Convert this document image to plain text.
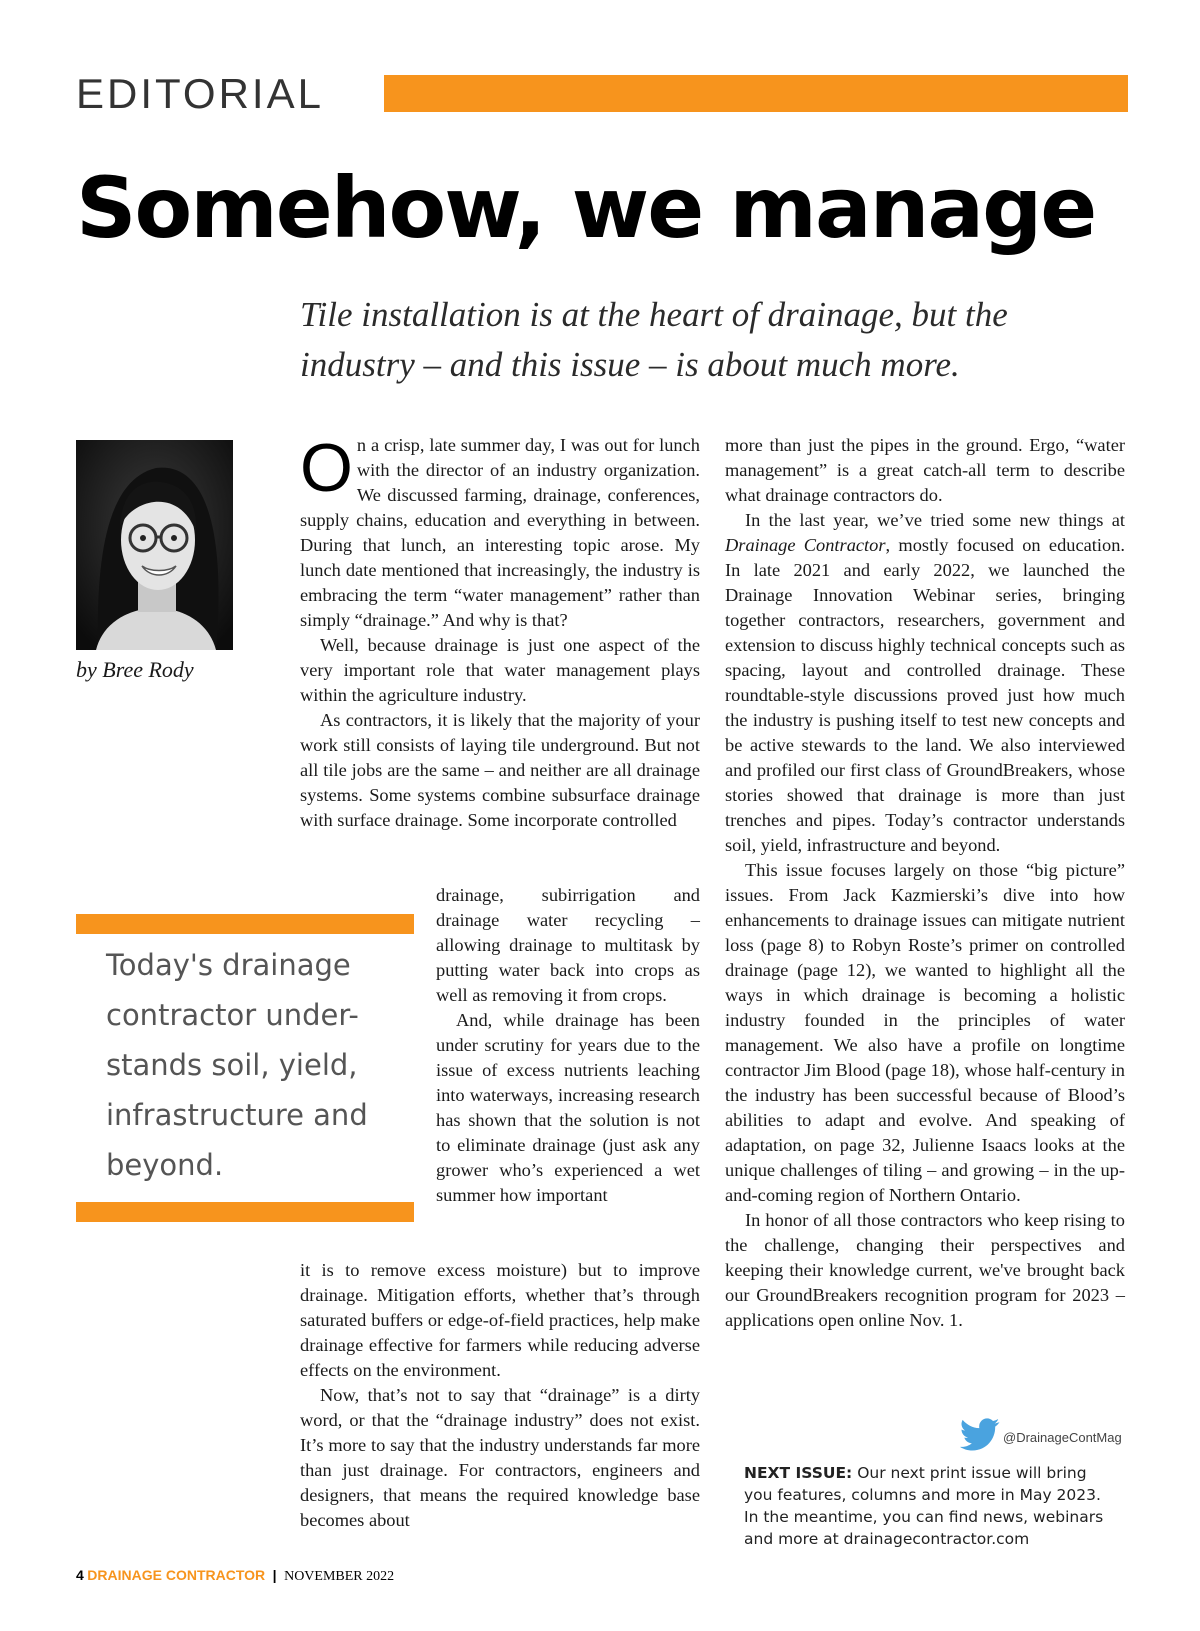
EDITORIAL
Somehow, we manage

Tile installation is at the heart of drainage, but the industry – and this issue – is about much more.

by Bree Rody

On a crisp, late summer day, I was out for lunch with the director of an industry organization. We discussed farming, drainage, conferences, supply chains, education and everything in between. During that lunch, an interesting topic arose. My lunch date mentioned that increasingly, the industry is embracing the term “water management” rather than simply “drainage.” And why is that?

Well, because drainage is just one aspect of the very important role that water management plays within the agriculture industry.

As contractors, it is likely that the majority of your work still consists of laying tile underground. But not all tile jobs are the same – and neither are all drainage systems. Some systems combine subsurface drainage with surface drainage. Some incorporate controlled

drainage, subirrigation and drainage water recycling – allowing drainage to multitask by putting water back into crops as well as removing it from crops.

And, while drainage has been under scrutiny for years due to the issue of excess nutrients leaching into waterways, increasing research has shown that the solution is not to eliminate drainage (just ask any grower who’s experienced a wet summer how important

it is to remove excess moisture) but to improve drainage. Mitigation efforts, whether that’s through saturated buffers or edge-of-field practices, help make drainage effective for farmers while reducing adverse effects on the environment.

Now, that’s not to say that “drainage” is a dirty word, or that the “drainage industry” does not exist. It’s more to say that the industry understands far more than just drainage. For contractors, engineers and designers, that means the required knowledge base becomes about

more than just the pipes in the ground. Ergo, “water management” is a great catch-all term to describe what drainage contractors do.

In the last year, we’ve tried some new things at Drainage Contractor, mostly focused on education. In late 2021 and early 2022, we launched the Drainage Innovation Webinar series, bringing together contractors, researchers, government and extension to discuss highly technical concepts such as spacing, layout and controlled drainage. These roundtable-style discussions proved just how much the industry is pushing itself to test new concepts and be active stewards to the land. We also interviewed and profiled our first class of GroundBreakers, whose stories showed that drainage is more than just trenches and pipes. Today’s contractor understands soil, yield, infrastructure and beyond.

This issue focuses largely on those “big picture” issues. From Jack Kazmierski’s dive into how enhancements to drainage issues can mitigate nutrient loss (page 8) to Robyn Roste’s primer on controlled drainage (page 12), we wanted to highlight all the ways in which drainage is becoming a holistic industry founded in the principles of water management. We also have a profile on longtime contractor Jim Blood (page 18), whose half-century in the industry has been successful because of Blood’s abilities to adapt and evolve. And speaking of adaptation, on page 32, Julienne Isaacs looks at the unique challenges of tiling – and growing – in the up-and-coming region of Northern Ontario.

In honor of all those contractors who keep rising to the challenge, changing their perspectives and keeping their knowledge current, we've brought back our GroundBreakers recognition program for 2023 – applications open online Nov. 1.

Today's drainage contractor under-stands soil, yield, infrastructure and beyond.

@DrainageContMag

NEXT ISSUE: Our next print issue will bring you features, columns and more in May 2023. In the meantime, you can find news, webinars and more at drainagecontractor.com

4 DRAINAGE CONTRACTOR | NOVEMBER 2022
